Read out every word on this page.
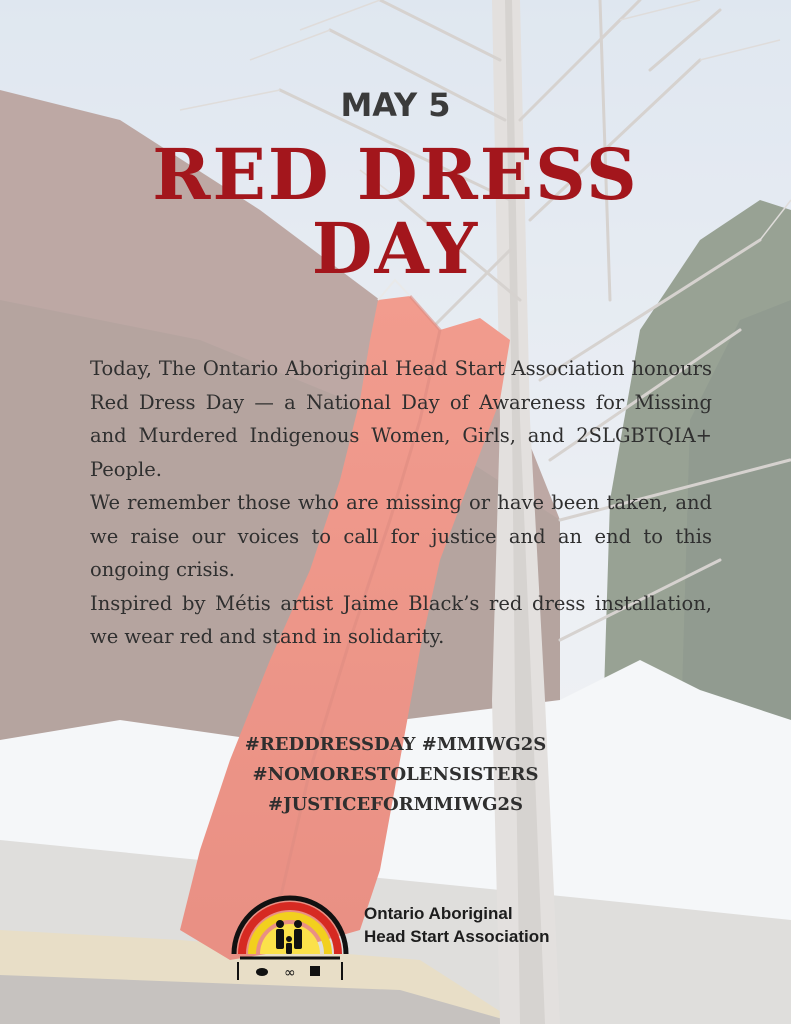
MAY 5
RED DRESS
DAY

Today, The Ontario Aboriginal Head Start Association honours Red Dress Day — a National Day of Awareness for Missing and Murdered Indigenous Women, Girls, and 2SLGBTQIA+ People.

We remember those who are missing or have been taken, and we raise our voices to call for justice and an end to this ongoing crisis.

Inspired by Métis artist Jaime Black’s red dress installation, we wear red and stand in solidarity.

#REDDRESSDAY #MMIWG2S
#NOMORESTOLENSISTERS
#JUSTICEFORMMIWG2S
∞
Ontario Aboriginal
Head Start Association
